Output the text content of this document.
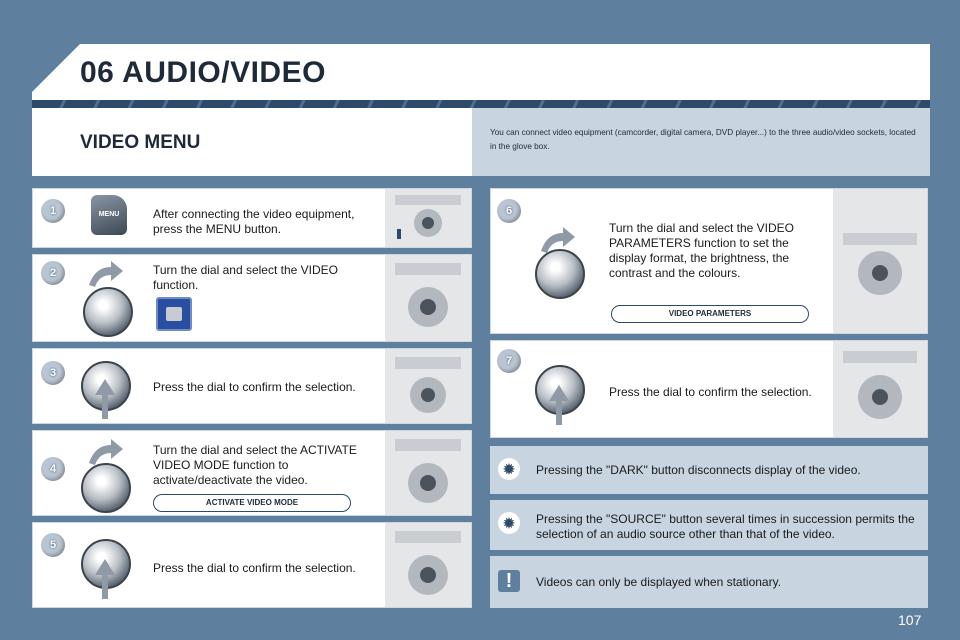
06 AUDIO/VIDEO
VIDEO MENU	You can connect video equipment (camcorder, digital camera, DVD player...) to the three audio/video sockets, located in the glove box.
1	MENU	After connecting the video equipment, press the MENU button.
2	Turn the dial and select the VIDEO function.
3
Press the dial to confirm the selection.
4
Turn the dial and select the ACTIVATE VIDEO MODE function to activate/deactivate the video.
ACTIVATE VIDEO MODE
5
Press the dial to confirm the selection.
6
Turn the dial and select the VIDEO PARAMETERS function to set the display format, the brightness, the contrast and the colours.
VIDEO PARAMETERS
7
Press the dial to confirm the selection.
✹	Pressing the "DARK" button disconnects display of the video.
✹	Pressing the "SOURCE" button several times in succession permits the selection of an audio source other than that of the video.
!	Videos can only be displayed when stationary.
107
